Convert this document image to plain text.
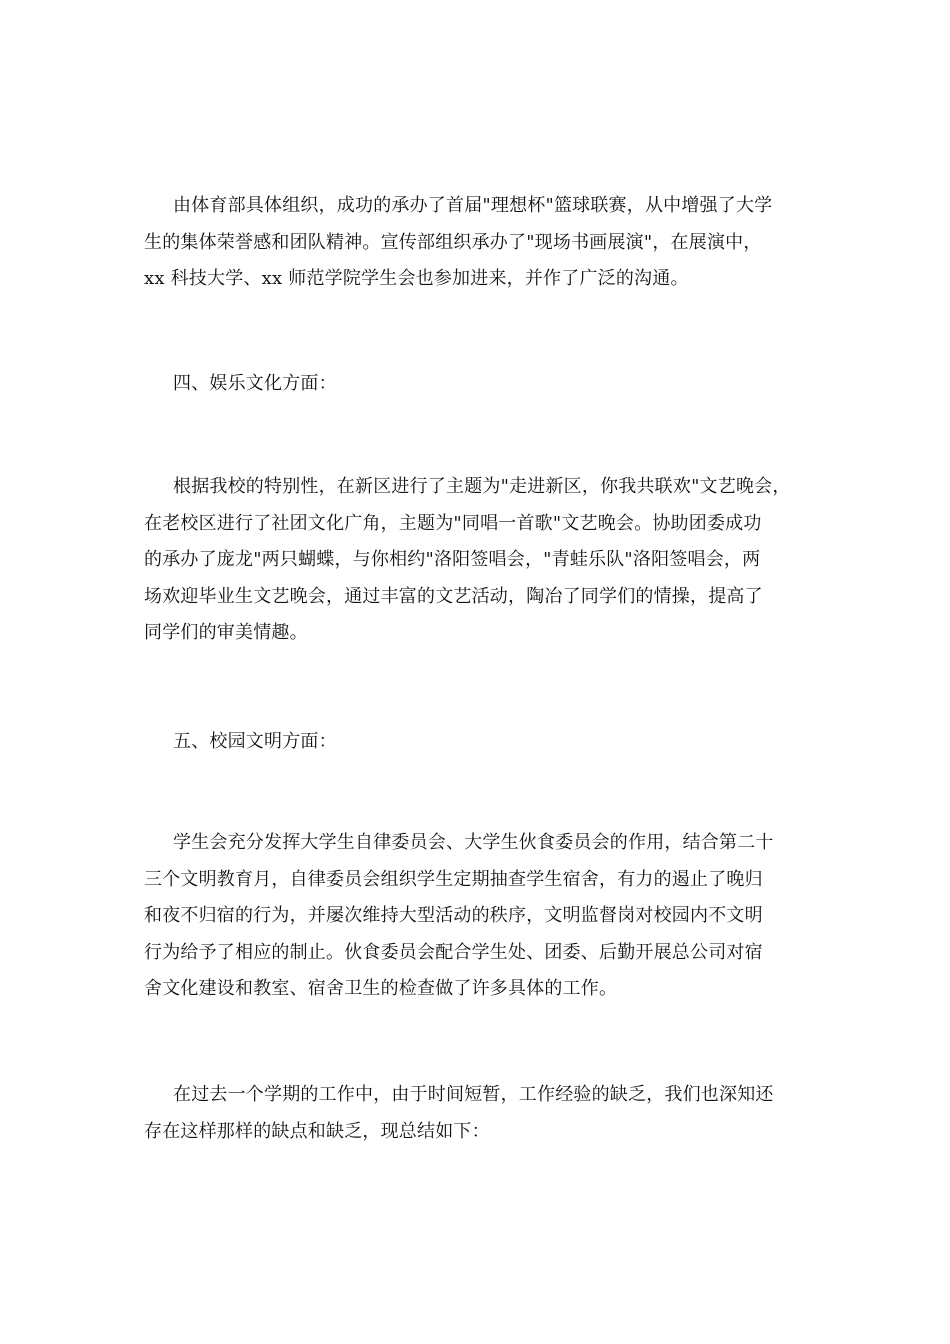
由体育部具体组织，成功的承办了首届"理想杯"篮球联赛，从中增强了大学
生的集体荣誉感和团队精神。宣传部组织承办了"现场书画展演"，在展演中，
xx 科技大学、xx 师范学院学生会也参加进来，并作了广泛的沟通。
四、娱乐文化方面：
根据我校的特别性，在新区进行了主题为"走进新区，你我共联欢"文艺晚会，
在老校区进行了社团文化广角，主题为"同唱一首歌"文艺晚会。协助团委成功
的承办了庞龙"两只蝴蝶，与你相约"洛阳签唱会，"青蛙乐队"洛阳签唱会，两
场欢迎毕业生文艺晚会，通过丰富的文艺活动，陶冶了同学们的情操，提高了
同学们的审美情趣。
五、校园文明方面：
学生会充分发挥大学生自律委员会、大学生伙食委员会的作用，结合第二十
三个文明教育月，自律委员会组织学生定期抽查学生宿舍，有力的遏止了晚归
和夜不归宿的行为，并屡次维持大型活动的秩序，文明监督岗对校园内不文明
行为给予了相应的制止。伙食委员会配合学生处、团委、后勤开展总公司对宿
舍文化建设和教室、宿舍卫生的检查做了许多具体的工作。
在过去一个学期的工作中，由于时间短暂，工作经验的缺乏，我们也深知还
存在这样那样的缺点和缺乏，现总结如下：
